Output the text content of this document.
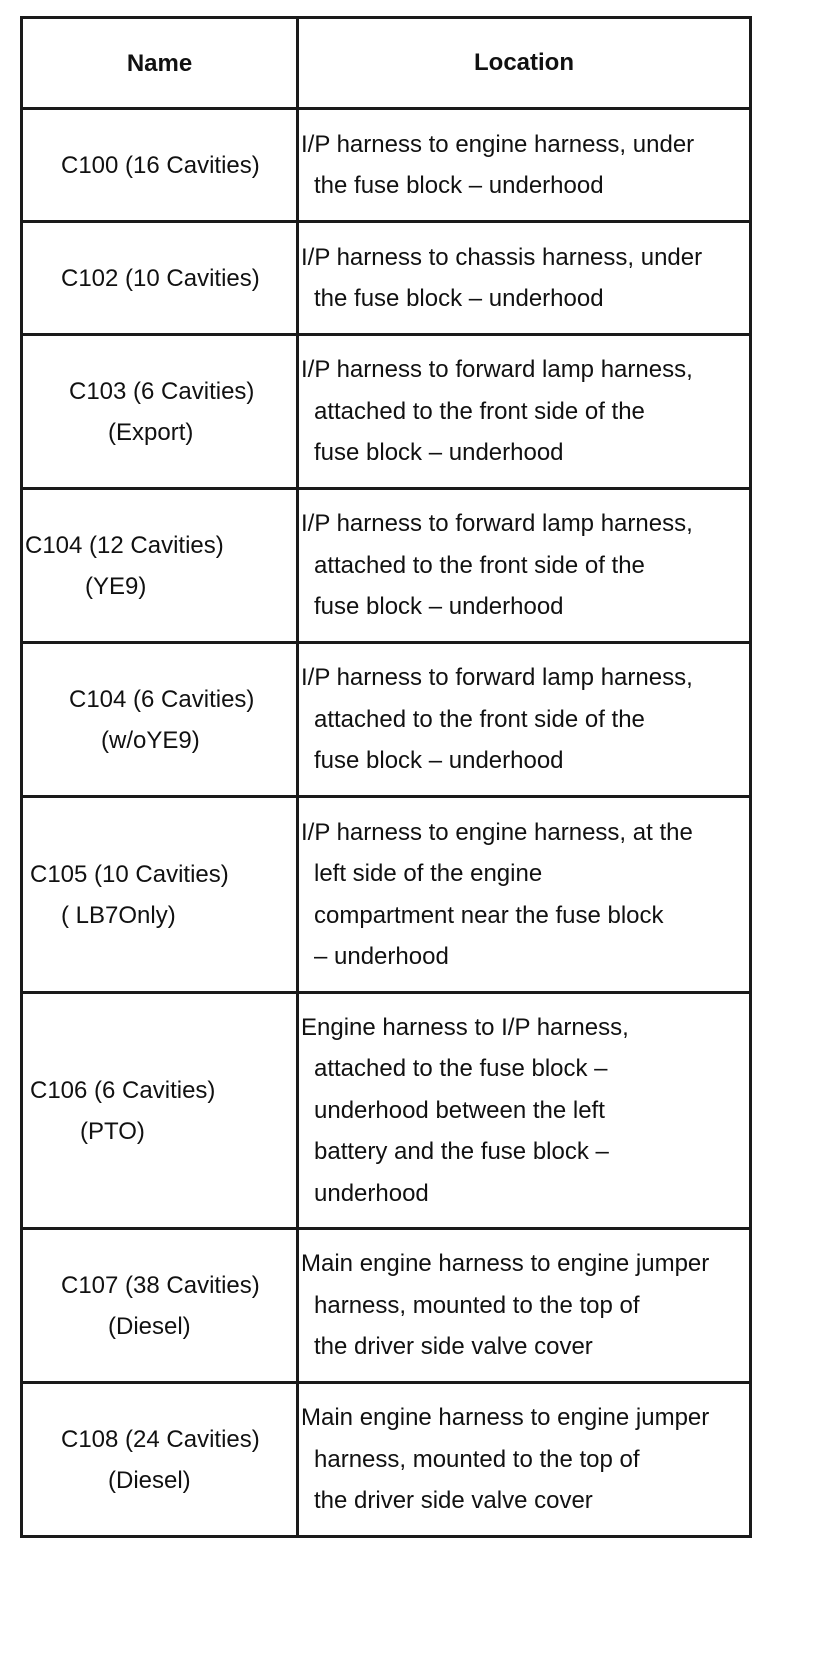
Name	Location
C100 (16 Cavities)
I/P harness to engine harness, under
the fuse block – underhood
C102 (10 Cavities)
I/P harness to chassis harness, under
the fuse block – underhood
C103 (6 Cavities)
(Export)
I/P harness to forward lamp harness,
attached to the front side of the
fuse block – underhood
C104 (12 Cavities)
(YE9)
I/P harness to forward lamp harness,
attached to the front side of the
fuse block – underhood
C104 (6 Cavities)
(w/oYE9)
I/P harness to forward lamp harness,
attached to the front side of the
fuse block – underhood
C105 (10 Cavities)
( LB7Only)
I/P harness to engine harness, at the
left side of the engine
compartment near the fuse block
– underhood
C106 (6 Cavities)
(PTO)
Engine harness to I/P harness,
attached to the fuse block –
underhood between the left
battery and the fuse block –
underhood
C107 (38 Cavities)
(Diesel)
Main engine harness to engine jumper
harness, mounted to the top of
the driver side valve cover
C108 (24 Cavities)
(Diesel)
Main engine harness to engine jumper
harness, mounted to the top of
the driver side valve cover
